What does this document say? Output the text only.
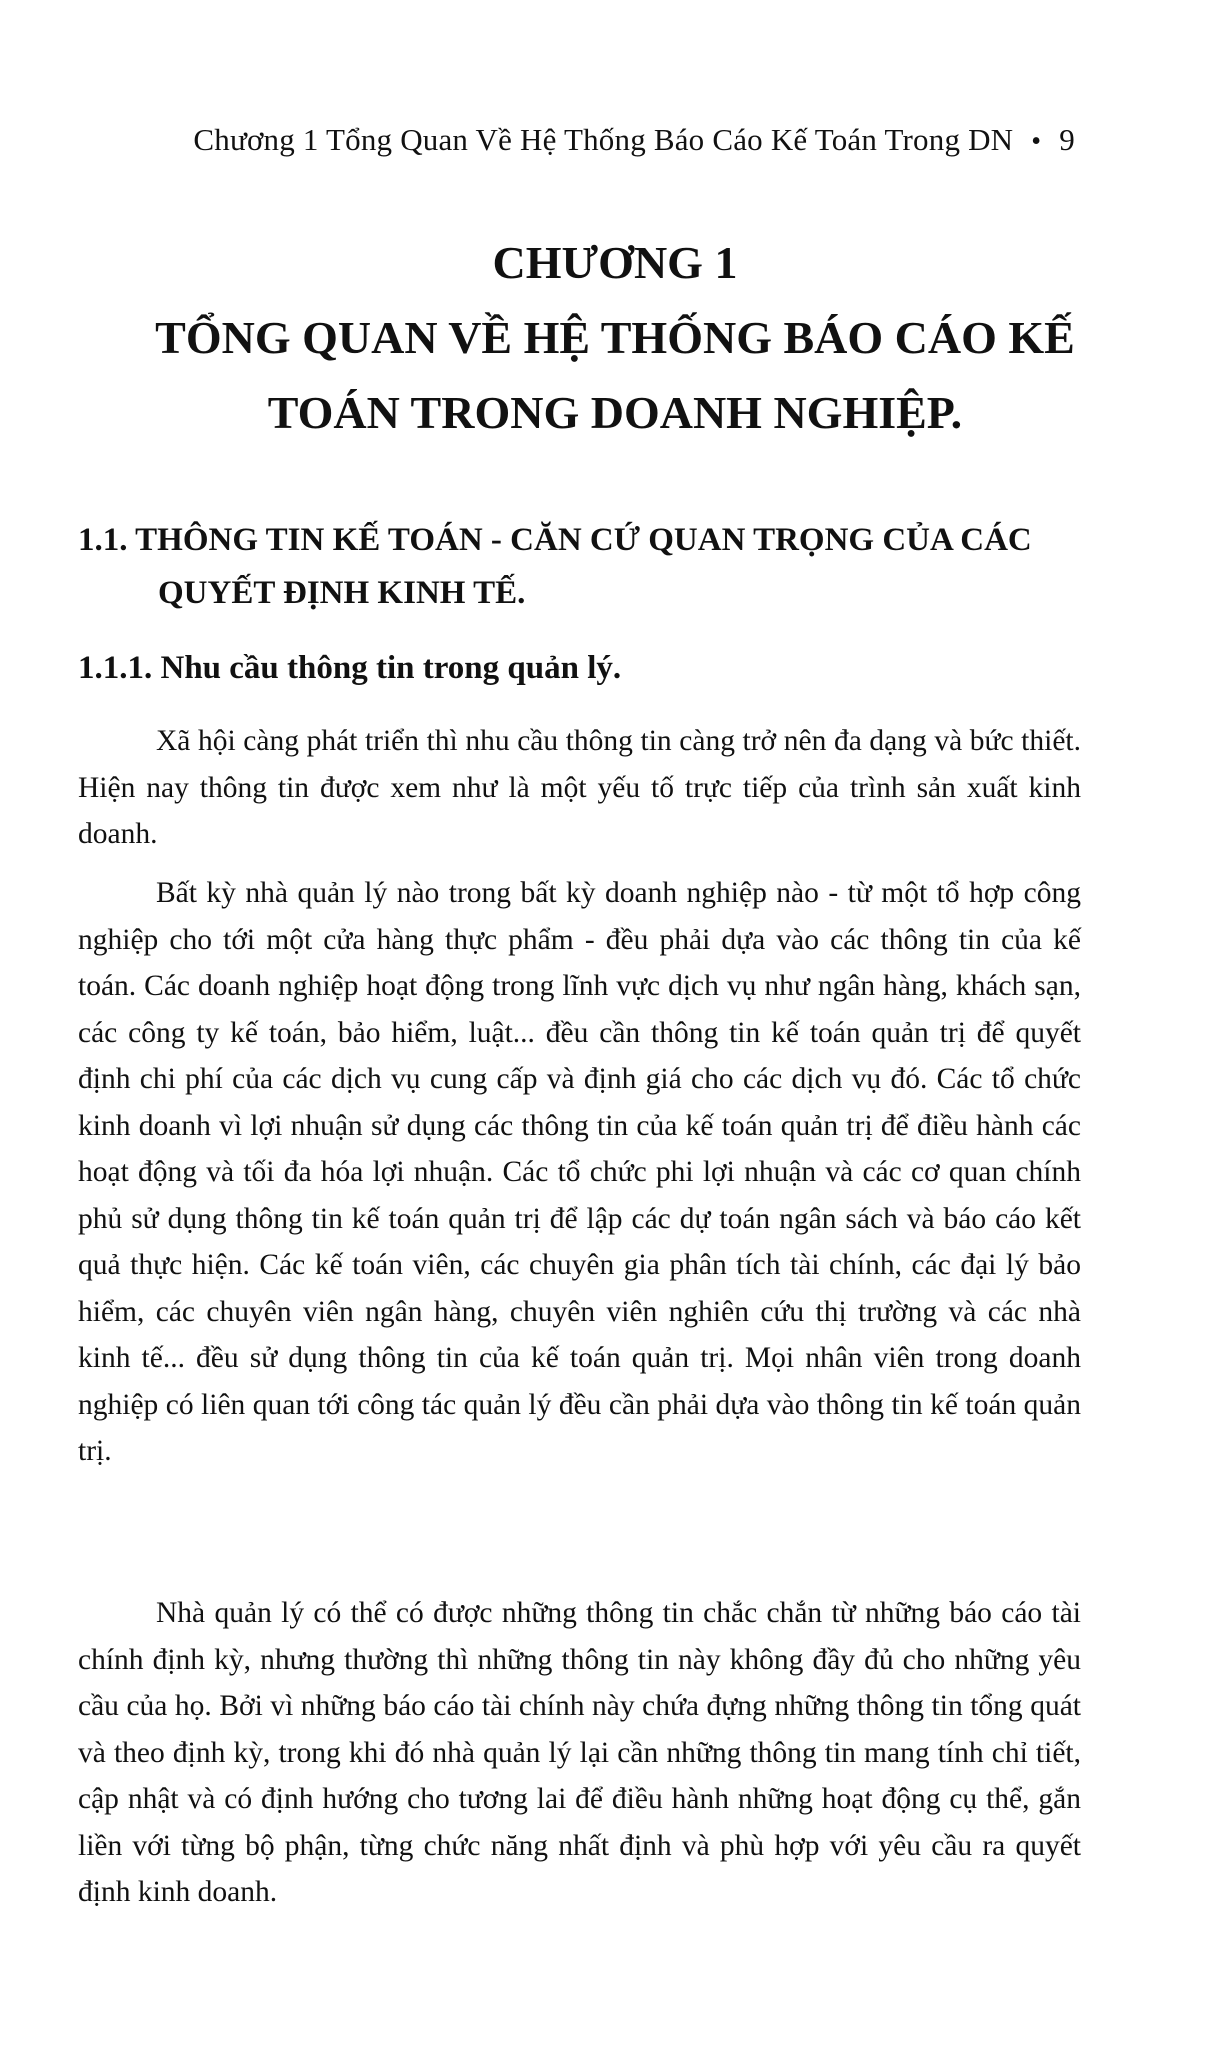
Chương 1 Tổng Quan Về Hệ Thống Báo Cáo Kế Toán Trong DN • 9
CHƯƠNG 1
TỔNG QUAN VỀ HỆ THỐNG BÁO CÁO KẾ
TOÁN TRONG DOANH NGHIỆP.
1.1. THÔNG TIN KẾ TOÁN - CĂN CỨ QUAN TRỌNG CỦA CÁC
QUYẾT ĐỊNH KINH TẾ.
1.1.1. Nhu cầu thông tin trong quản lý.

Xã hội càng phát triển thì nhu cầu thông tin càng trở nên đa dạng và bức thiết. Hiện nay thông tin được xem như là một yếu tố trực tiếp của trình sản xuất kinh doanh.

Bất kỳ nhà quản lý nào trong bất kỳ doanh nghiệp nào - từ một tổ hợp công nghiệp cho tới một cửa hàng thực phẩm - đều phải dựa vào các thông tin của kế toán. Các doanh nghiệp hoạt động trong lĩnh vực dịch vụ như ngân hàng, khách sạn, các công ty kế toán, bảo hiểm, luật... đều cần thông tin kế toán quản trị để quyết định chi phí của các dịch vụ cung cấp và định giá cho các dịch vụ đó. Các tổ chức kinh doanh vì lợi nhuận sử dụng các thông tin của kế toán quản trị để điều hành các hoạt động và tối đa hóa lợi nhuận. Các tổ chức phi lợi nhuận và các cơ quan chính phủ sử dụng thông tin kế toán quản trị để lập các dự toán ngân sách và báo cáo kết quả thực hiện. Các kế toán viên, các chuyên gia phân tích tài chính, các đại lý bảo hiểm, các chuyên viên ngân hàng, chuyên viên nghiên cứu thị trường và các nhà kinh tế... đều sử dụng thông tin của kế toán quản trị. Mọi nhân viên trong doanh nghiệp có liên quan tới công tác quản lý đều cần phải dựa vào thông tin kế toán quản trị.

Nhà quản lý có thể có được những thông tin chắc chắn từ những báo cáo tài chính định kỳ, nhưng thường thì những thông tin này không đầy đủ cho những yêu cầu của họ. Bởi vì những báo cáo tài chính này chứa đựng những thông tin tổng quát và theo định kỳ, trong khi đó nhà quản lý lại cần những thông tin mang tính chỉ tiết, cập nhật và có định hướng cho tương lai để điều hành những hoạt động cụ thể, gắn liền với từng bộ phận, từng chức năng nhất định và phù hợp với yêu cầu ra quyết định kinh doanh.
